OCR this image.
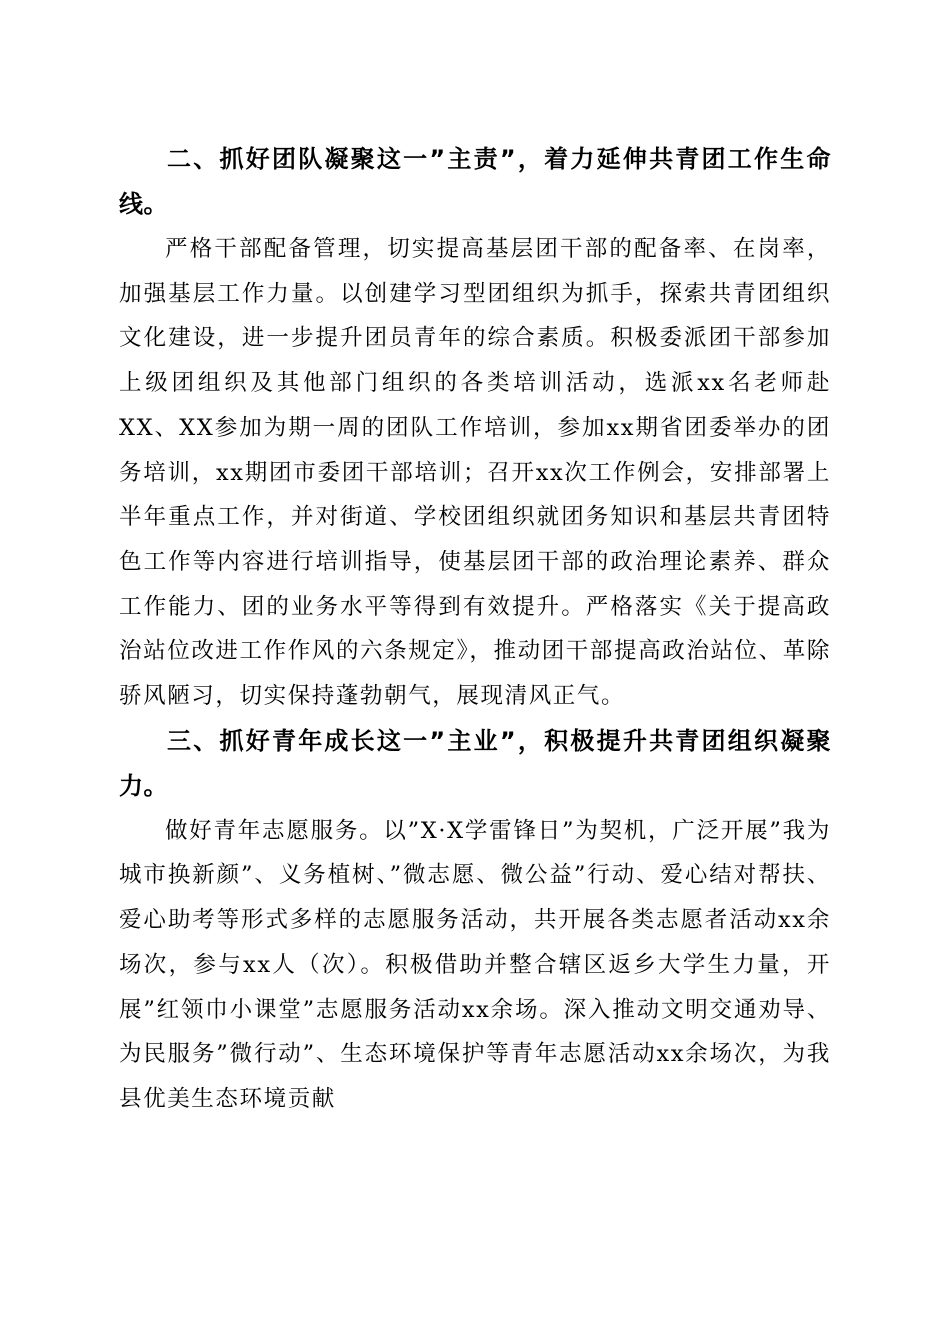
二、抓好团队凝聚这一”主责”，着力延伸共青团工作生命线。

严格干部配备管理，切实提高基层团干部的配备率、在岗率，加强基层工作力量。以创建学习型团组织为抓手，探索共青团组织文化建设，进一步提升团员青年的综合素质。积极委派团干部参加上级团组织及其他部门组织的各类培训活动，选派xx名老师赴XX、XX参加为期一周的团队工作培训，参加xx期省团委举办的团务培训，xx期团市委团干部培训；召开xx次工作例会，安排部署上半年重点工作，并对街道、学校团组织就团务知识和基层共青团特色工作等内容进行培训指导，使基层团干部的政治理论素养、群众工作能力、团的业务水平等得到有效提升。严格落实《关于提高政治站位改进工作作风的六条规定》，推动团干部提高政治站位、革除骄风陋习，切实保持蓬勃朝气，展现清风正气。

三、抓好青年成长这一”主业”，积极提升共青团组织凝聚力。

做好青年志愿服务。以”X·X学雷锋日”为契机，广泛开展”我为城市换新颜”、义务植树、”微志愿、微公益”行动、爱心结对帮扶、爱心助考等形式多样的志愿服务活动，共开展各类志愿者活动xx余场次，参与xx人（次）。积极借助并整合辖区返乡大学生力量，开展”红领巾小课堂”志愿服务活动xx余场。深入推动文明交通劝导、为民服务”微行动”、生态环境保护等青年志愿活动xx余场次，为我县优美生态环境贡献
